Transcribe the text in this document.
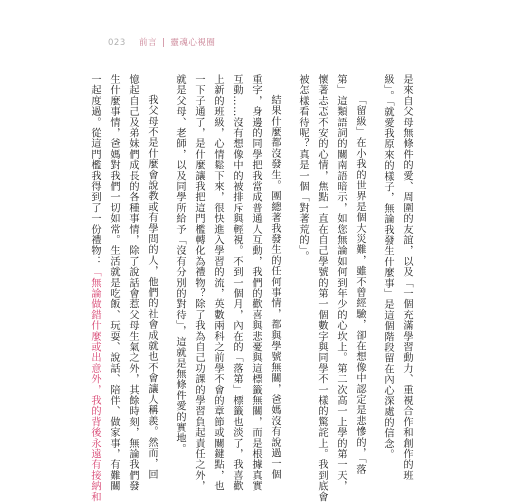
023 前言 | 靈魂心視圈

是來自父母無條件的愛、周圍的友誼，以及「一個充滿學習動力、重視合作和創作的班
級」。「就愛我原來的樣子，無論我發生什麼事」是這個階段留在內心深處的信念。

「留級」在小我的世界是個大災難，雖不曾經驗，卻在想像中認定是悲慘的，「落
第」這類語詞的關南語暗示，如您無論如何到年少的心坎上。第二次高一上學的第一天，
懷著忐忑不安的心情，焦點一直在自己學號的第一個數字與同學不一樣的驚詫上。我到底會
被怎樣看待呢？真是一個「對著荒的」。

結果什麼都沒發生。團總著我發生的任何事情，都與學號無關，爸媽沒有說過一個
重字，身邊的同學把我當成普通人互動，我們的歡喜與悲憂與這標籤無關，而是根據真實
互動……沒有想像中的被排斥與輕視。不到一個月，內在的「落第」標籤也淡了，我喜歡
上新的班級，心情鬆下來，很快進入學習的流，英數兩科之前學不會的章節或關鍵點，也
一下子通了，是什麼讓我把這門檻轉化為禮物？除了我為自己功課的學習負起責任之外，
就是父母、老師，以及同學所給予「沒有分別的對待」，這就是無條件愛的實地。

我父母不是什麼會說教或有學問的人，他們的社會成就也不會讓人稱羨。然而，回
憶起自己及弟妹們成長的各種事情，除了說話會惹父母生氣之外，其餘時刻，無論我們發
生什麼事情，爸媽對我們一切如常。生活就是吃飯、玩耍、說話、陪伴、做家事，有難關
一起度過。從這門檻我得到了一份禮物：「無論做錯什麼或出意外，我的背後永遠有接納和
